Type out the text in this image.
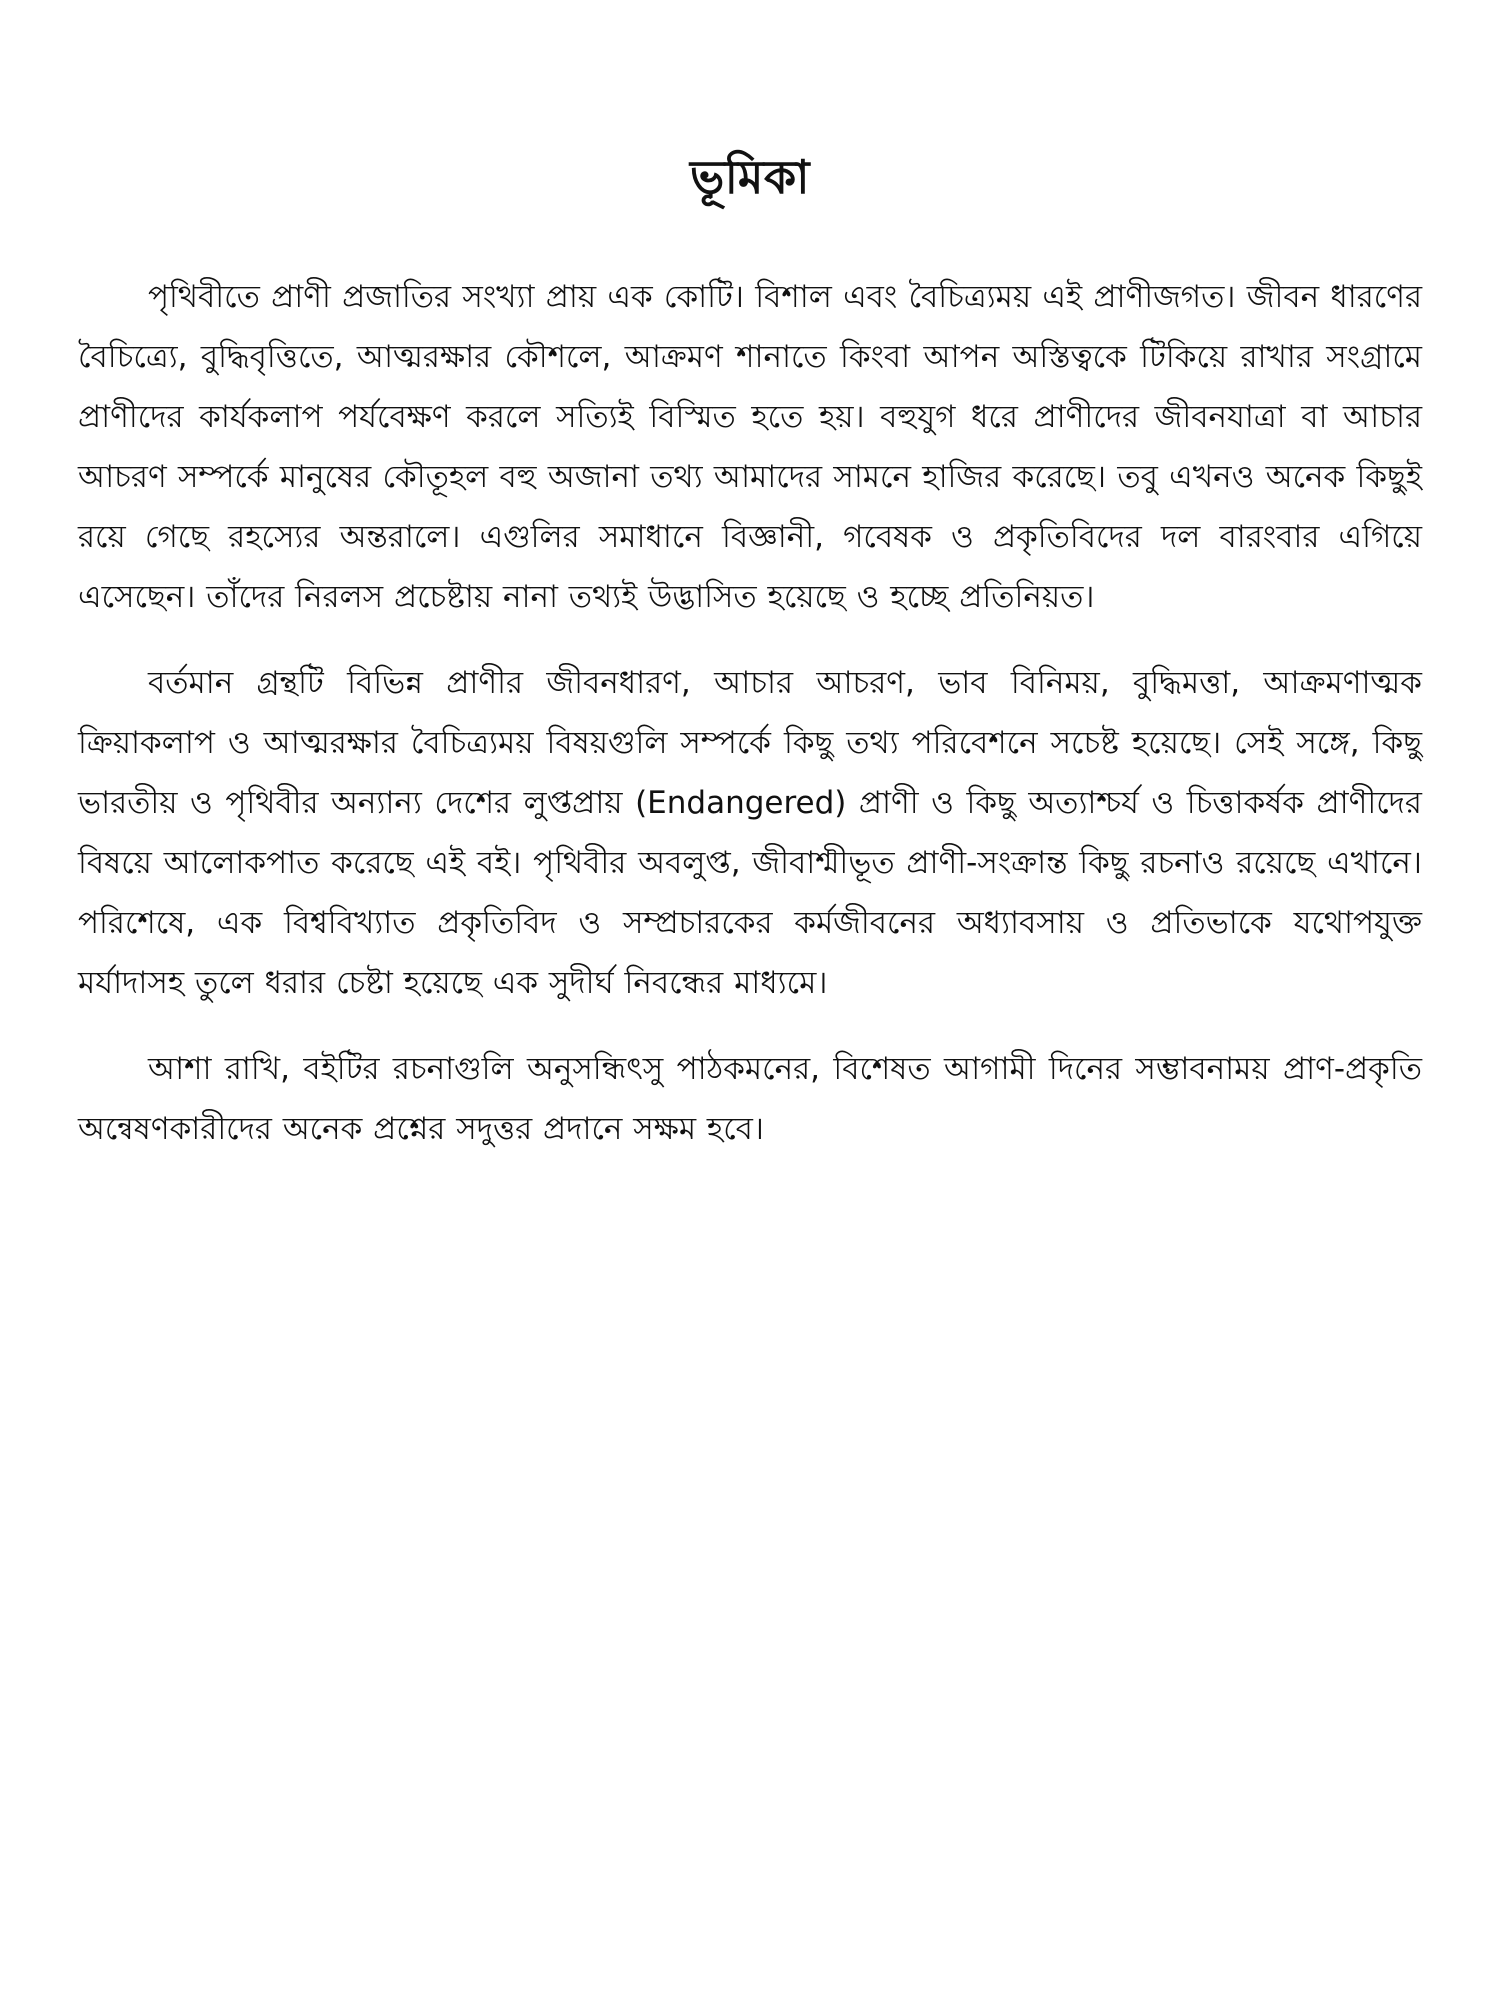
ভূমিকা

পৃথিবীতে প্রাণী প্রজাতির সংখ্যা প্রায় এক কোটি। বিশাল এবং বৈচিত্র্যময় এই প্রাণীজগত। জীবন ধারণের বৈচিত্র্যে, বুদ্ধিবৃত্তিতে, আত্মরক্ষার কৌশলে, আক্রমণ শানাতে কিংবা আপন অস্তিত্বকে টিকিয়ে রাখার সংগ্রামে প্রাণীদের কার্যকলাপ পর্যবেক্ষণ করলে সত্যিই বিস্মিত হতে হয়। বহুযুগ ধরে প্রাণীদের জীবনযাত্রা বা আচার আচরণ সম্পর্কে মানুষের কৌতূহল বহু অজানা তথ্য আমাদের সামনে হাজির করেছে। তবু এখনও অনেক কিছুই রয়ে গেছে রহস্যের অন্তরালে। এগুলির সমাধানে বিজ্ঞানী, গবেষক ও প্রকৃতিবিদের দল বারংবার এগিয়ে এসেছেন। তাঁদের নিরলস প্রচেষ্টায় নানা তথ্যই উদ্ভাসিত হয়েছে ও হচ্ছে প্রতিনিয়ত।

বর্তমান গ্রন্থটি বিভিন্ন প্রাণীর জীবনধারণ, আচার আচরণ, ভাব বিনিময়, বুদ্ধিমত্তা, আক্রমণাত্মক ক্রিয়াকলাপ ও আত্মরক্ষার বৈচিত্র্যময় বিষয়গুলি সম্পর্কে কিছু তথ্য পরিবেশনে সচেষ্ট হয়েছে। সেই সঙ্গে, কিছু ভারতীয় ও পৃথিবীর অন্যান্য দেশের লুপ্তপ্রায় (Endangered) প্রাণী ও কিছু অত্যাশ্চর্য ও চিত্তাকর্ষক প্রাণীদের বিষয়ে আলোকপাত করেছে এই বই। পৃথিবীর অবলুপ্ত, জীবাশ্মীভূত প্রাণী-সংক্রান্ত কিছু রচনাও রয়েছে এখানে। পরিশেষে, এক বিশ্ববিখ্যাত প্রকৃতিবিদ ও সম্প্রচারকের কর্মজীবনের অধ্যাবসায় ও প্রতিভাকে যথোপযুক্ত মর্যাদাসহ তুলে ধরার চেষ্টা হয়েছে এক সুদীর্ঘ নিবন্ধের মাধ্যমে।

আশা রাখি, বইটির রচনাগুলি অনুসন্ধিৎসু পাঠকমনের, বিশেষত আগামী দিনের সম্ভাবনাময় প্রাণ-প্রকৃতি অন্বেষণকারীদের অনেক প্রশ্নের সদুত্তর প্রদানে সক্ষম হবে।
